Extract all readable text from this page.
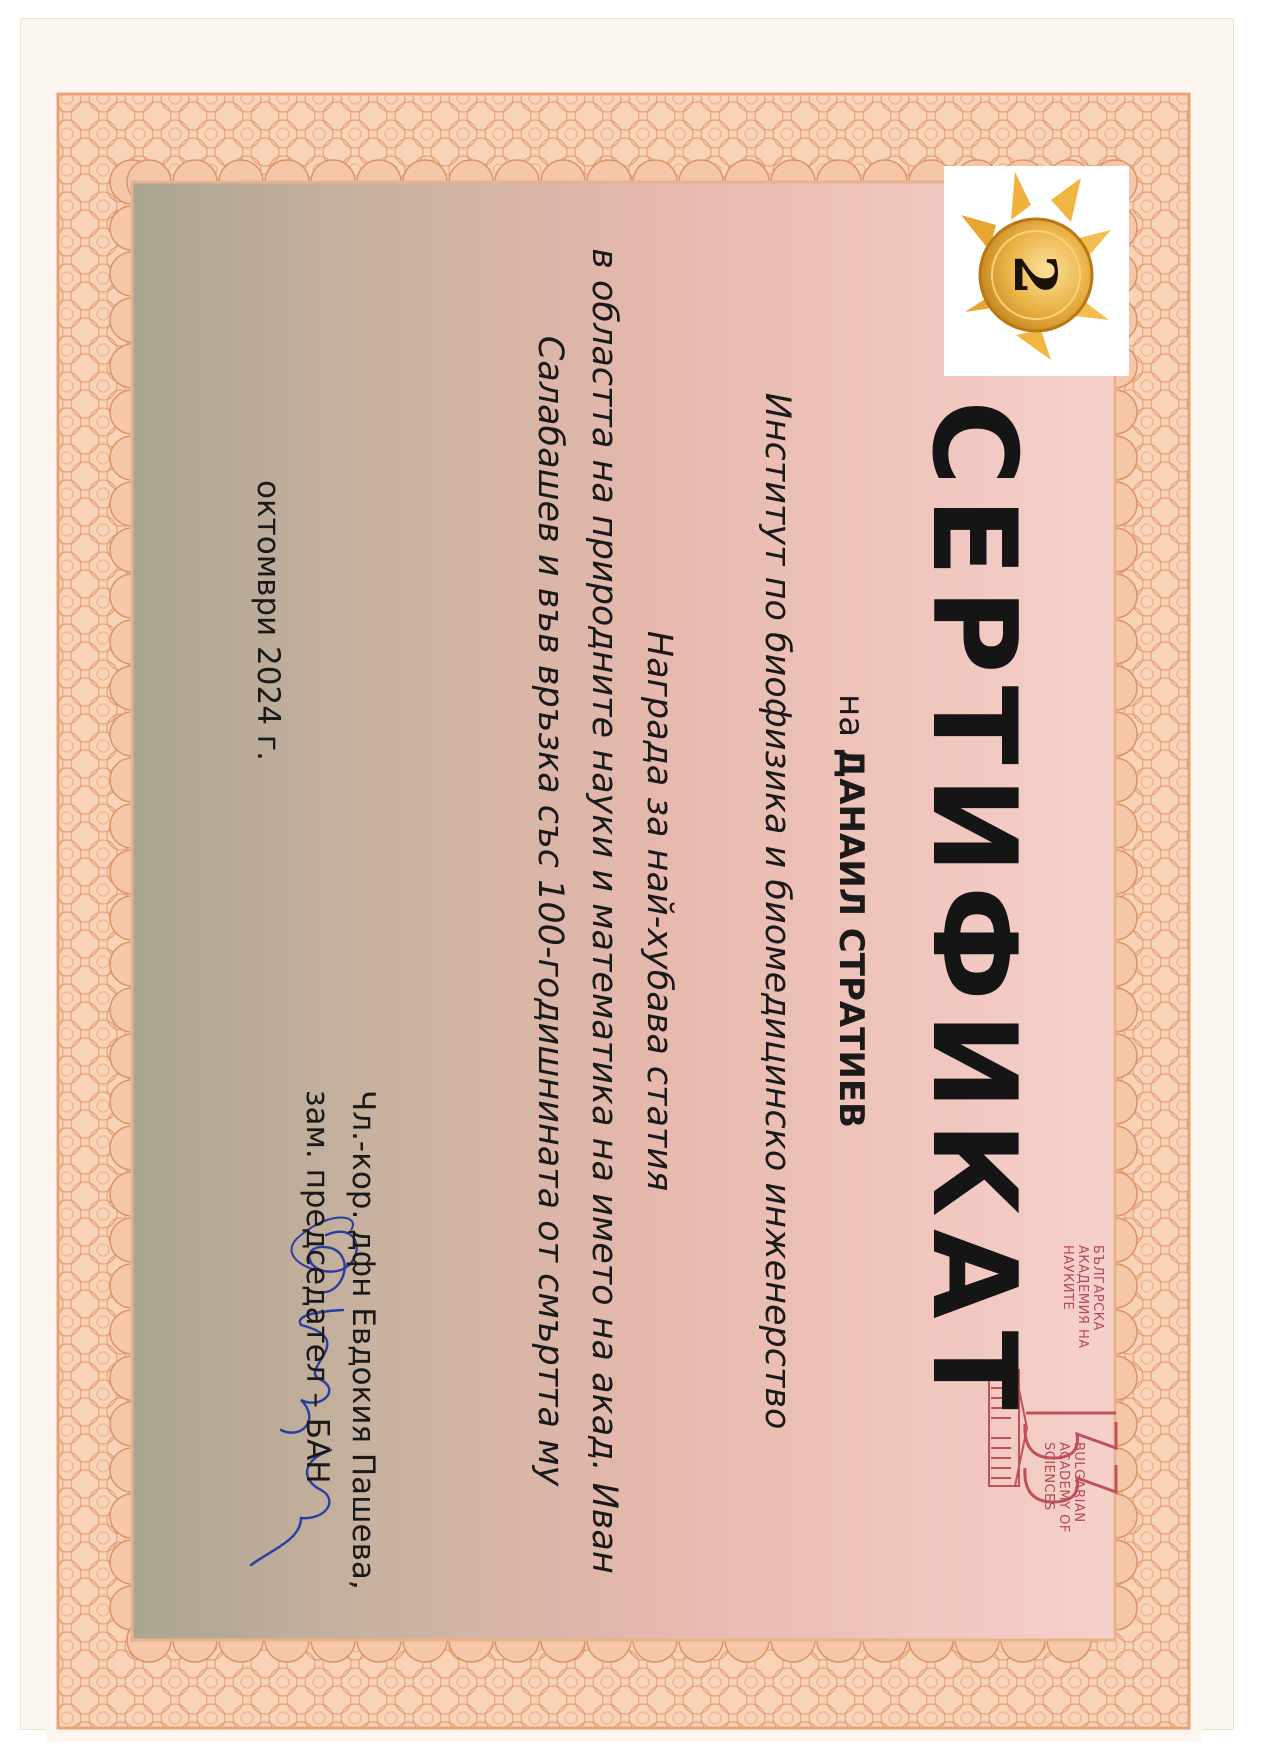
2
СЕРТИФИКАТ
на ДАНАИЛ СТРАТИЕВ
Институт по биофизика и биомедицинско инженерство
Награда за най-хубава статия
в областта на природните науки и математика на името на акад. Иван
Салабашев и във връзка със 100-годишнината от смъртта му
Чл.-кор. дфн Евдокия Пашева,
зам. председател – БАН
октомври 2024 г.
БЪЛГАРСКА АКАДЕМИЯ НА НАУКИТЕ
BULGARIAN ACADEMY OF SCIENCES
